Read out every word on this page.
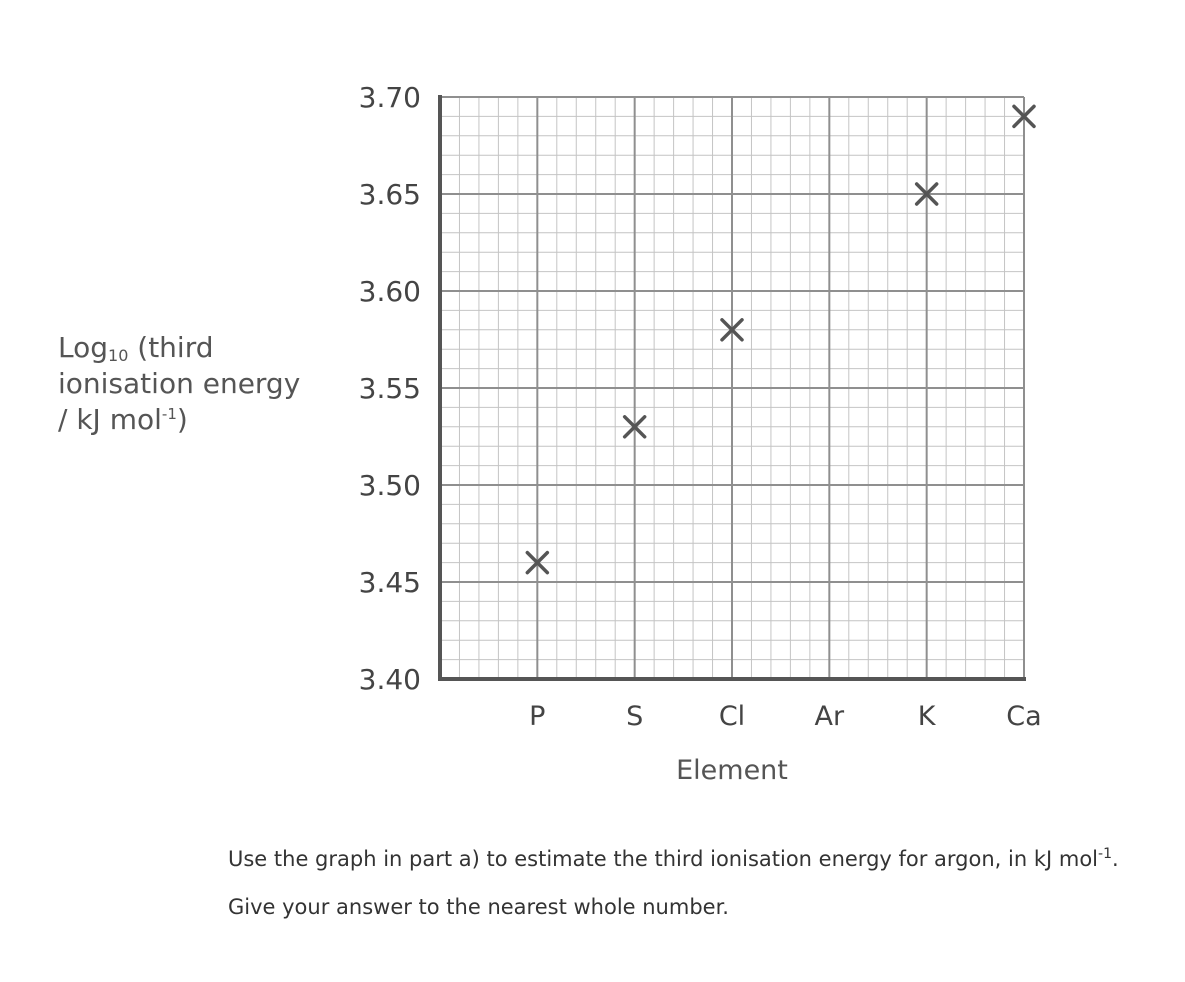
3.70
3.65
3.60
3.55
3.50
3.45
3.40
P	S	Cl	Ar	K	Ca
Element
Log$_{10}$ (third
ionisation energy
/ kJ mol$^{-1}$)

Use the graph in part a) to estimate the third ionisation energy for argon, in kJ mol$^{-1}$.

Give your answer to the nearest whole number.
